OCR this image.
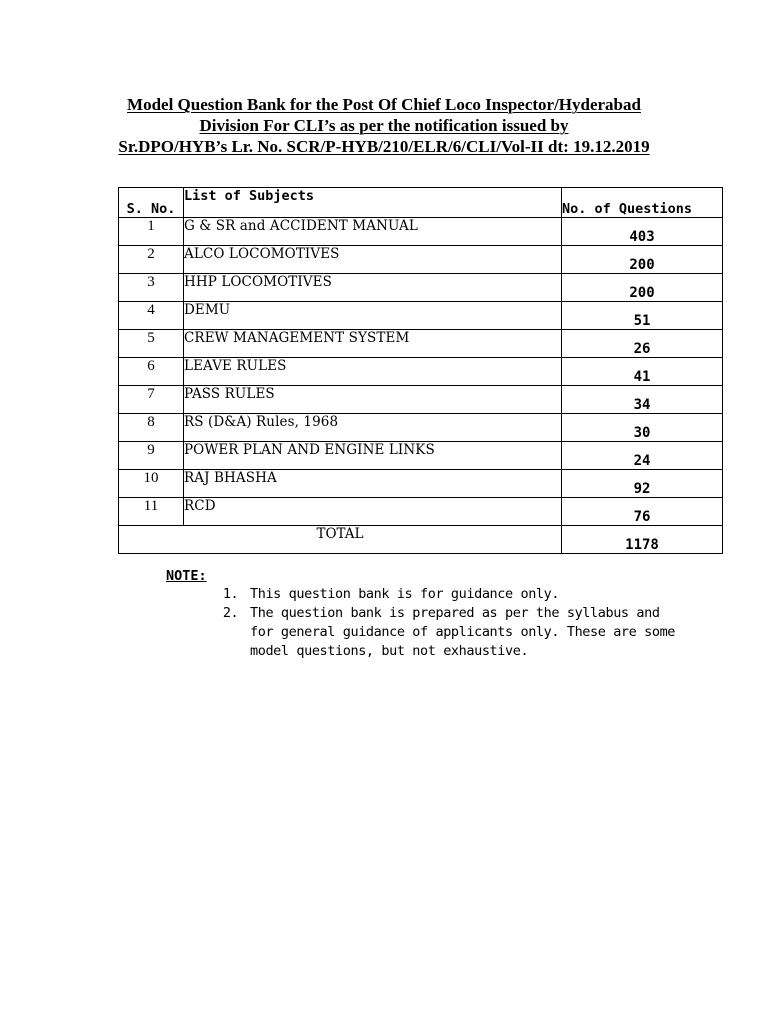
Model Question Bank for the Post Of Chief Loco Inspector/Hyderabad
Division For CLI’s as per the notification issued by
Sr.DPO/HYB’s Lr. No. SCR/P-HYB/210/ELR/6/CLI/Vol-II dt: 19.12.2019
S. No.	List of Subjects	No. of Questions
1	G & SR and ACCIDENT MANUAL	403
2	ALCO LOCOMOTIVES	200
3	HHP LOCOMOTIVES	200
4	DEMU	51
5	CREW MANAGEMENT SYSTEM	26
6	LEAVE RULES	41
7	PASS RULES	34
8	RS (D&A) Rules, 1968	30
9	POWER PLAN AND ENGINE LINKS	24
10	RAJ BHASHA	92
11	RCD	76
TOTAL		1178
NOTE:
1. This question bank is for guidance only.
2. The question bank is prepared as per the syllabus and for general guidance of applicants only. These are some model questions, but not exhaustive.
